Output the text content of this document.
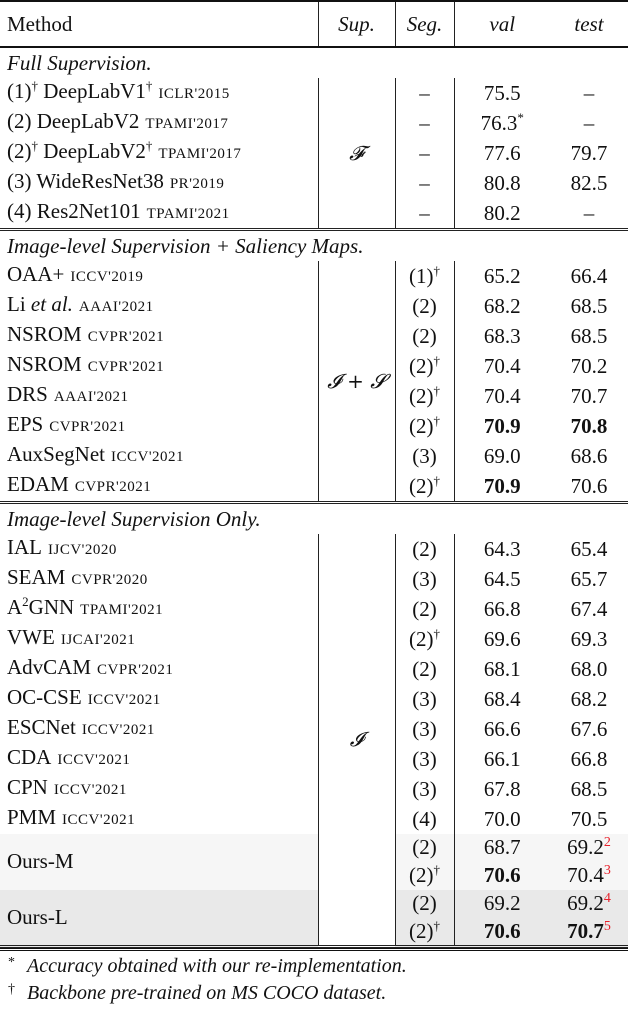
Method	Sup.	Seg.	val	test
Full Supervision.				
(1)† DeepLabV1†ICLR'2015	𝓕	–	75.5	–
(2) DeepLabV2 TPAMI'2017		–	76.3*	–
(2)† DeepLabV2†TPAMI'2017		–	77.6	79.7
(3) WideResNet38 PR'2019		–	80.8	82.5
(4) Res2Net101 TPAMI'2021		–	80.2	–
Image-level Supervision + Saliency Maps.				
OAA+ ICCV'2019	𝓘 + 𝓢	(1)†	65.2	66.4
Li et al. AAAI'2021		(2)	68.2	68.5
NSROM CVPR'2021		(2)	68.3	68.5
NSROM CVPR'2021		(2)†	70.4	70.2
DRS AAAI'2021		(2)†	70.4	70.7
EPS CVPR'2021		(2)†	70.9	70.8
AuxSegNet ICCV'2021		(3)	69.0	68.6
EDAM CVPR'2021		(2)†	70.9	70.6
Image-level Supervision Only.				
IAL IJCV'2020	𝓘	(2)	64.3	65.4
SEAM CVPR'2020		(3)	64.5	65.7
$A^2GNN$ TPAMI'2021		(2)	66.8	67.4
VWE IJCAI'2021		(2)†	69.6	69.3
AdvCAM CVPR'2021		(2)	68.1	68.0
OC-CSE ICCV'2021		(3)	68.4	68.2
ESCNet ICCV'2021		(3)	66.6	67.6
CDA ICCV'2021		(3)	66.1	66.8
CPN ICCV'2021		(3)	67.8	68.5
PMM ICCV'2021		(4)	70.0	70.5
Ours-M		(2)	68.7	69.2$^2$
		(2)†	70.6	70.4$^3$
Ours-L		(2)	69.2	69.2$^4$
		(2)†	70.6	70.7$^5$
* Accuracy obtained with our re-implementation.
† Backbone pre-trained on MS COCO dataset.
